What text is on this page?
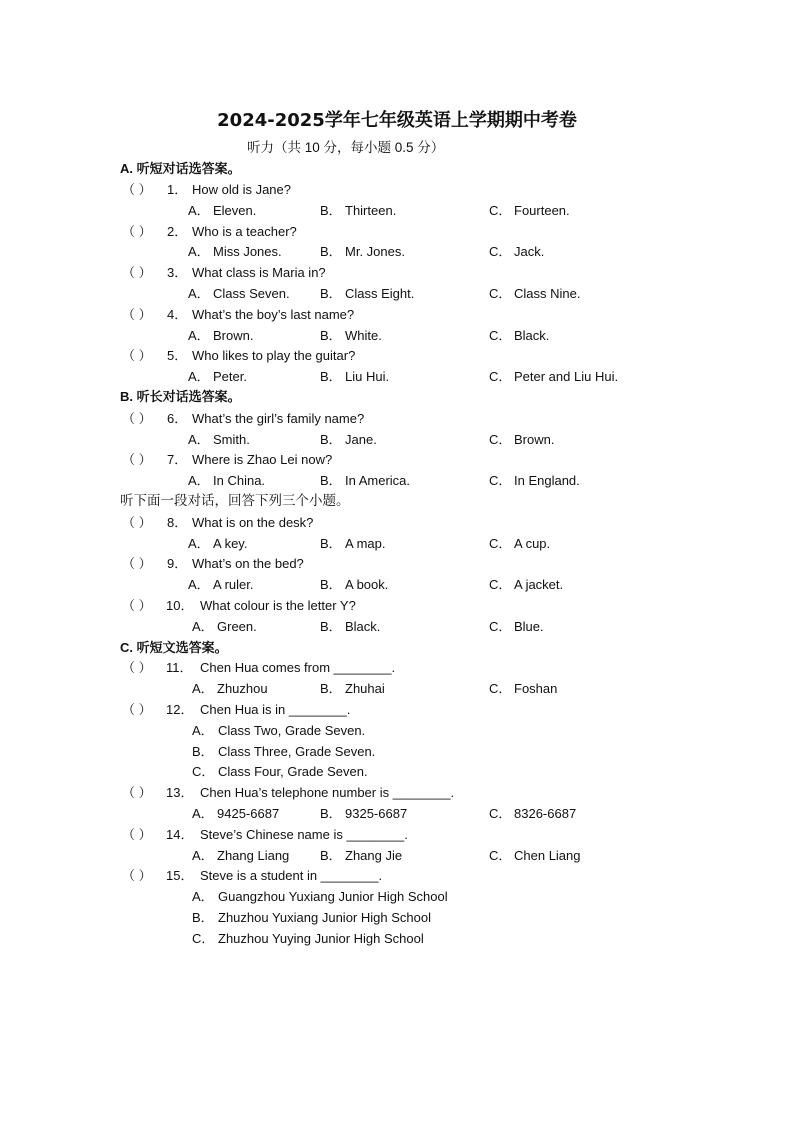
2024-2025学年七年级英语上学期期中考卷
听力（共 10 分，每小题 0.5 分）
A. 听短对话选答案。
B. 听长对话选答案。
C. 听短文选答案。
听下面一段对话，回答下列三个小题。
（ ） 1． How old is Jane?
A． Eleven.	B． Thirteen.	C． Fourteen.
（ ） 2． Who is a teacher?
A． Miss Jones.	B． Mr. Jones.	C． Jack.
（ ） 3． What class is Maria in?
A． Class Seven. B． Class Eight.	C． Class Nine.
（ ） 4． What’s the boy’s last name?
A． Brown.	B． White.	C． Black.
（ ） 5． Who likes to play the guitar?
A． Peter.	B． Liu Hui.	C． Peter and Liu Hui.
（ ） 6． What’s the girl’s family name?
A． Smith.	B． Jane.	C． Brown.
（ ） 7． Where is Zhao Lei now?
A． In China.	B． In America.	C． In England.
（ ） 8． What is on the desk?
A． A key.	B． A map.	C． A cup.
（ ） 9． What’s on the bed?
A． A ruler.	B． A book.	C． A jacket.
（ ） 10． What colour is the letter Y?
A． Green.	B． Black.	C． Blue.
（ ） 11． Chen Hua comes from ________.
A． Zhuzhou	B． Zhuhai	C． Foshan
（ ） 12． Chen Hua is in ________.
A． Class Two, Grade Seven.
B． Class Three, Grade Seven.
C． Class Four, Grade Seven.
（ ） 13． Chen Hua’s telephone number is ________.
A． 9425-6687	B． 9325-6687	C． 8326-6687
（ ） 14． Steve’s Chinese name is ________.
A． Zhang Liang B． Zhang Jie	C． Chen Liang
（ ） 15． Steve is a student in ________.
A． Guangzhou Yuxiang Junior High School
B． Zhuzhou Yuxiang Junior High School
C． Zhuzhou Yuying Junior High School
